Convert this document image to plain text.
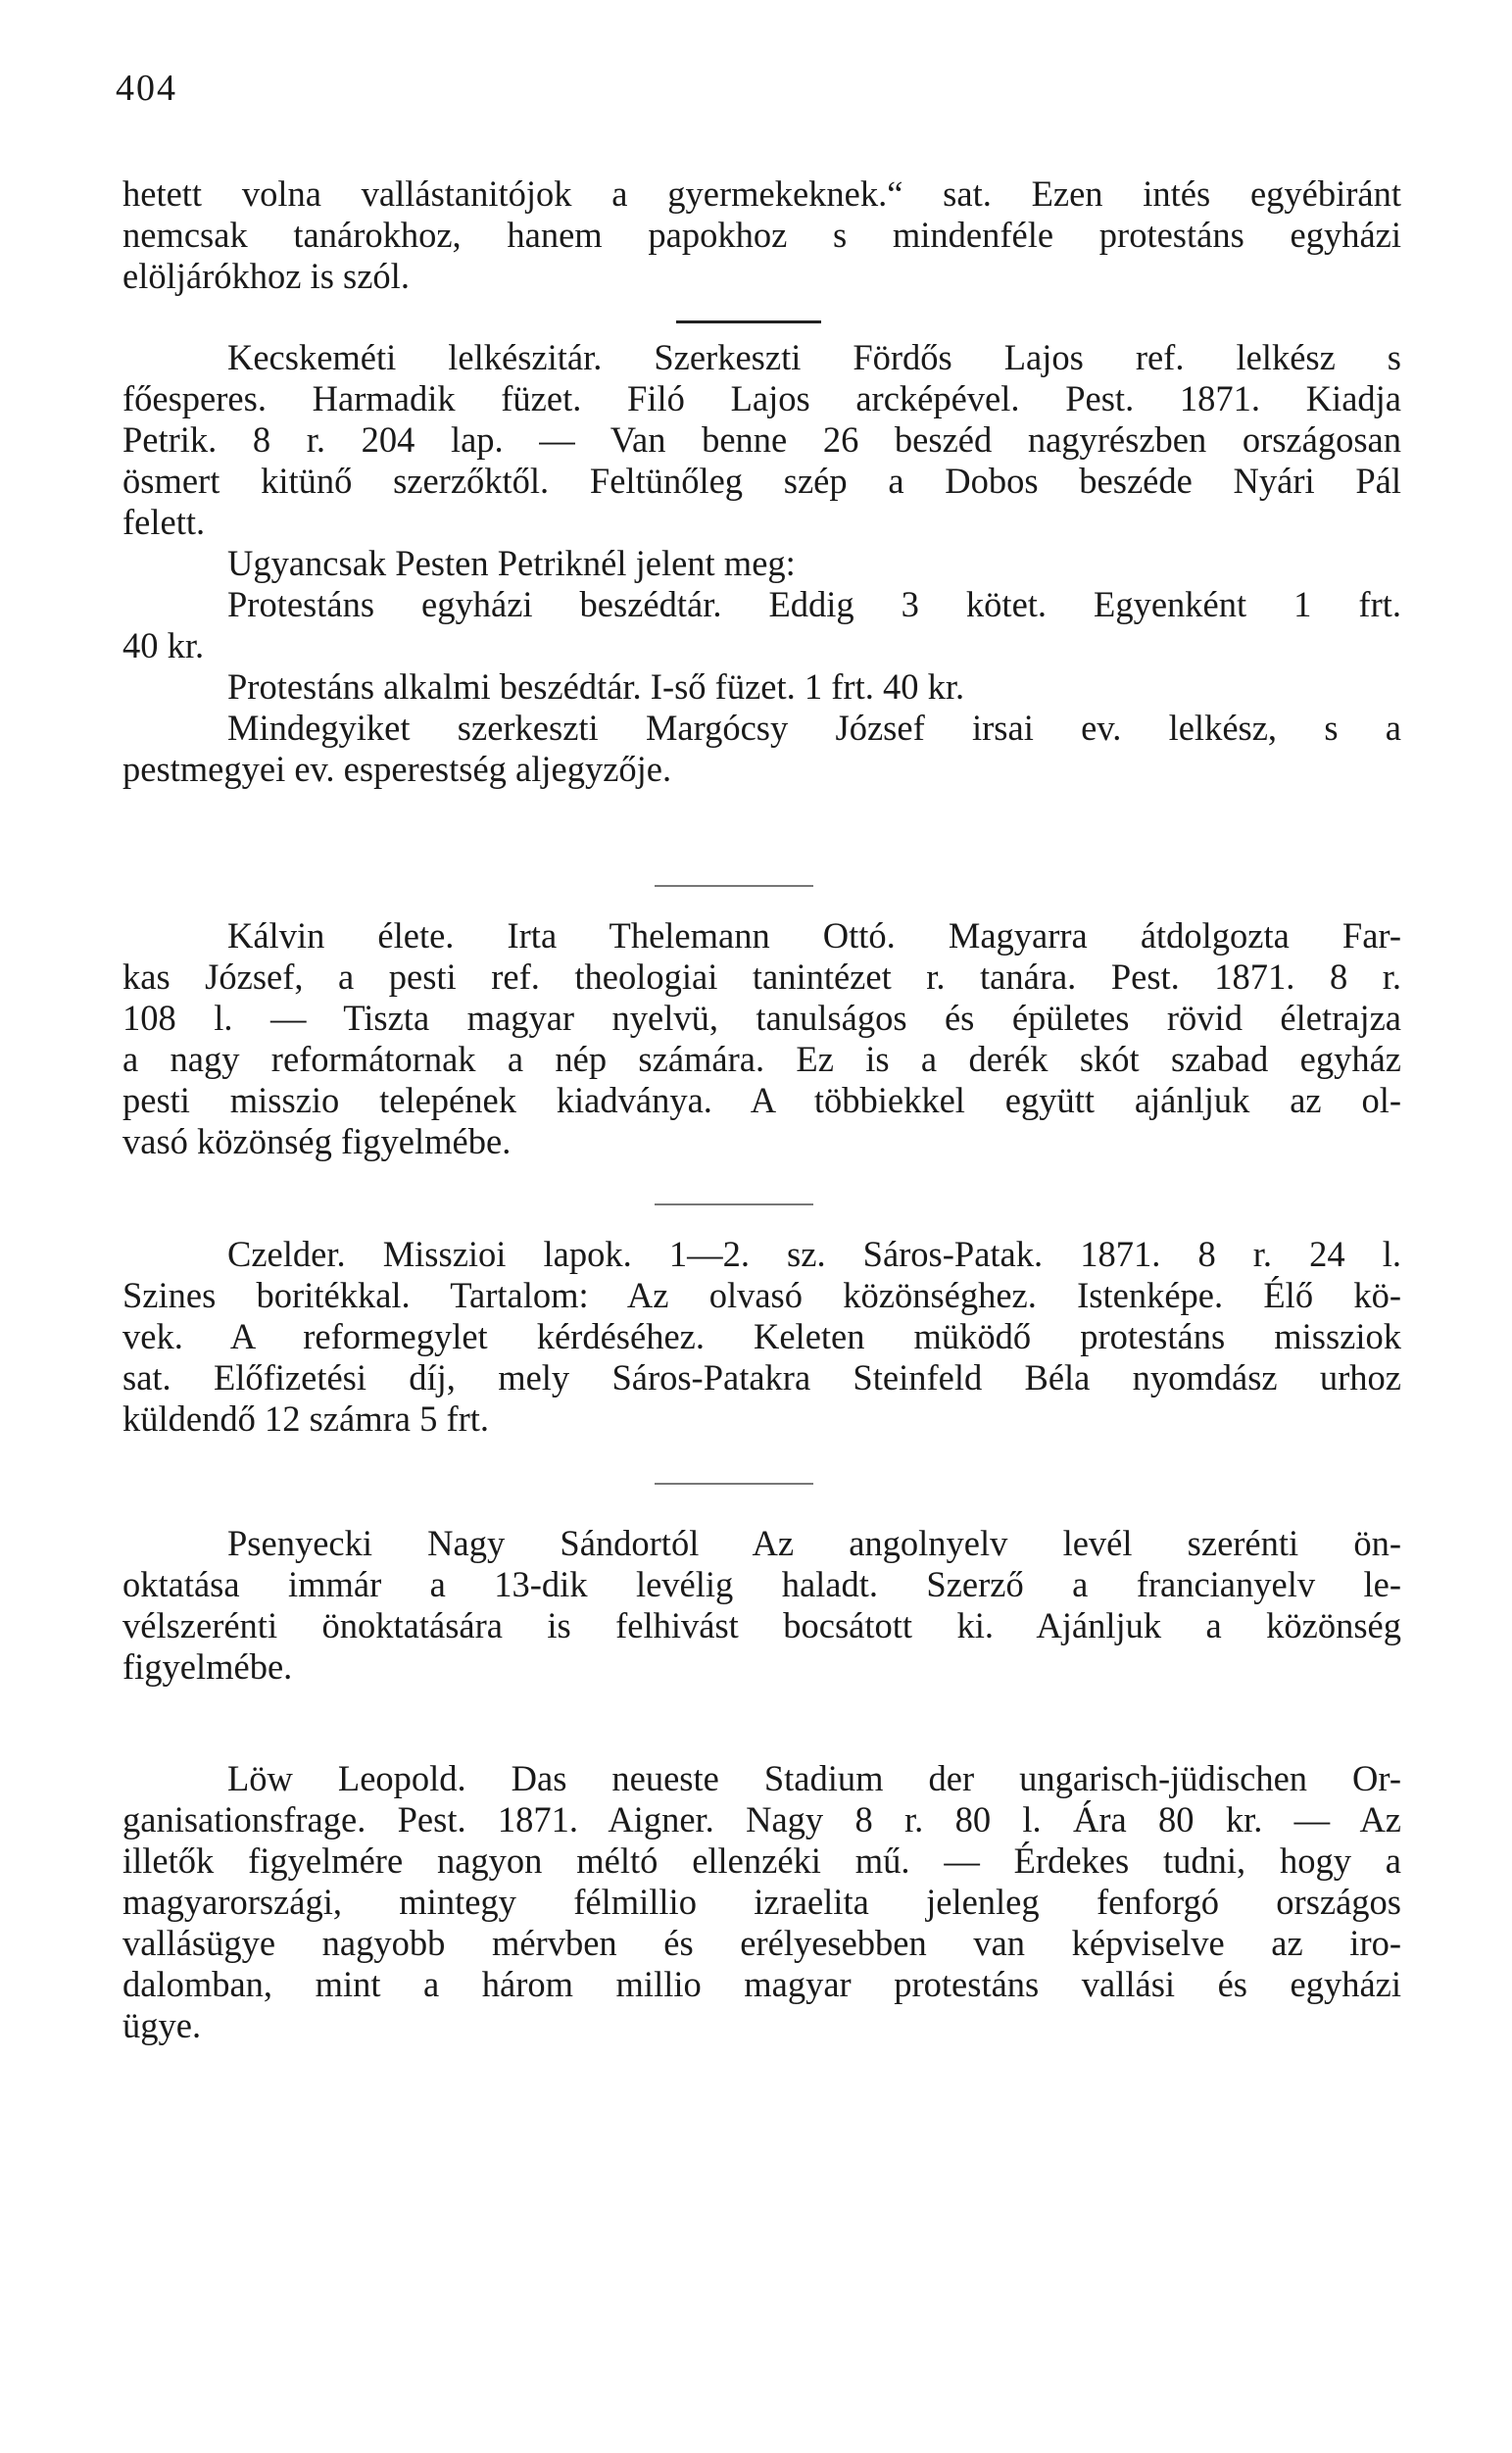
404
hetett volna vallástanitójok a gyermekeknek.“ sat. Ezen intés egyébiránt
nemcsak tanárokhoz, hanem papokhoz s mindenféle protestáns egyházi
elöljárókhoz is szól.
Kecskeméti lelkészitár. Szerkeszti Fördős Lajos ref. lelkész s
főesperes. Harmadik füzet. Filó Lajos arcképével. Pest. 1871. Kiadja
Petrik. 8 r. 204 lap. — Van benne 26 beszéd nagyrészben országosan
ösmert kitünő szerzőktől. Feltünőleg szép a Dobos beszéde Nyári Pál
felett.
Ugyancsak Pesten Petriknél jelent meg:
Protestáns egyházi beszédtár. Eddig 3 kötet. Egyenként 1 frt.
40 kr.
Protestáns alkalmi beszédtár. I-ső füzet. 1 frt. 40 kr.
Mindegyiket szerkeszti Margócsy József irsai ev. lelkész, s a
pestmegyei ev. esperestség aljegyzője.
Kálvin élete. Irta Thelemann Ottó. Magyarra átdolgozta Far-
kas József, a pesti ref. theologiai tanintézet r. tanára. Pest. 1871. 8 r.
108 l. — Tiszta magyar nyelvü, tanulságos és épületes rövid életrajza
a nagy reformátornak a nép számára. Ez is a derék skót szabad egyház
pesti misszio telepének kiadványa. A többiekkel együtt ajánljuk az ol-
vasó közönség figyelmébe.
Czelder. Misszioi lapok. 1—2. sz. Sáros-Patak. 1871. 8 r. 24 l.
Szines boritékkal. Tartalom: Az olvasó közönséghez. Istenképe. Élő kö-
vek. A reformegylet kérdéséhez. Keleten müködő protestáns missziok
sat. Előfizetési díj, mely Sáros-Patakra Steinfeld Béla nyomdász urhoz
küldendő 12 számra 5 frt.
Psenyecki Nagy Sándortól Az angolnyelv levél szerénti ön-
oktatása immár a 13-dik levélig haladt. Szerző a francianyelv le-
vélszerénti önoktatására is felhivást bocsátott ki. Ajánljuk a közönség
figyelmébe.
Löw Leopold. Das neueste Stadium der ungarisch-jüdischen Or-
ganisationsfrage. Pest. 1871. Aigner. Nagy 8 r. 80 l. Ára 80 kr. — Az
illetők figyelmére nagyon méltó ellenzéki mű. — Érdekes tudni, hogy a
magyarországi, mintegy félmillio izraelita jelenleg fenforgó országos
vallásügye nagyobb mérvben és erélyesebben van képviselve az iro-
dalomban, mint a három millio magyar protestáns vallási és egyházi
ügye.
